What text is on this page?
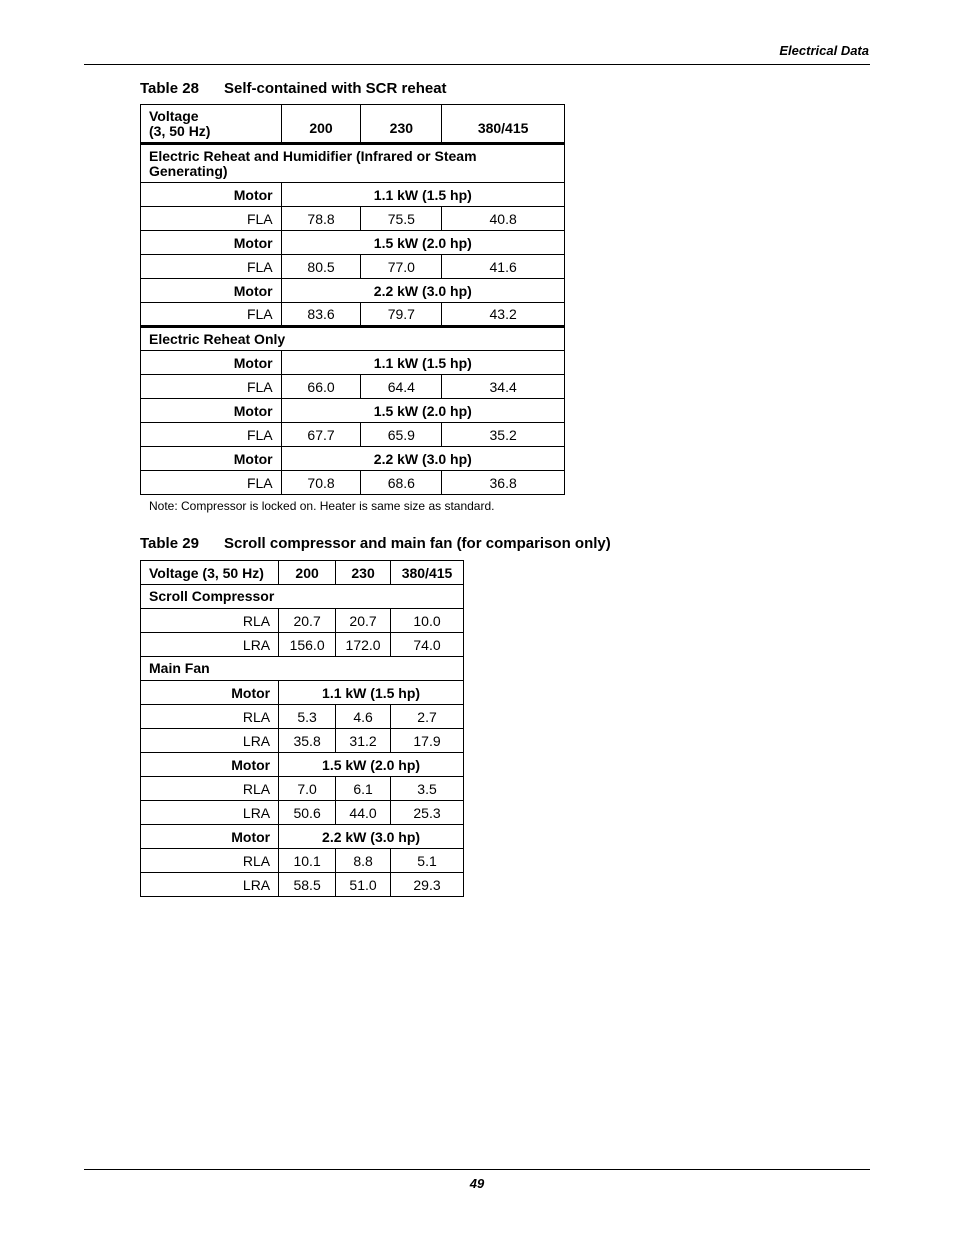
Electrical Data
Table 28 Self-contained with SCR reheat
Voltage
(3, 50 Hz)	200	230	380/415
Electric Reheat and Humidifier (Infrared or Steam Generating)			
Motor	1.1 kW (1.5 hp)		
FLA	78.8	75.5	40.8
Motor	1.5 kW (2.0 hp)		
FLA	80.5	77.0	41.6
Motor	2.2 kW (3.0 hp)		
FLA	83.6	79.7	43.2
Electric Reheat Only			
Motor	1.1 kW (1.5 hp)		
FLA	66.0	64.4	34.4
Motor	1.5 kW (2.0 hp)		
FLA	67.7	65.9	35.2
Motor	2.2 kW (3.0 hp)		
FLA	70.8	68.6	36.8
Note: Compressor is locked on. Heater is same size as standard.
Table 29 Scroll compressor and main fan (for comparison only)
Voltage (3, 50 Hz)	200	230	380/415
Scroll Compressor			
RLA	20.7	20.7	10.0
LRA	156.0	172.0	74.0
Main Fan			
Motor	1.1 kW (1.5 hp)		
RLA	5.3	4.6	2.7
LRA	35.8	31.2	17.9
Motor	1.5 kW (2.0 hp)		
RLA	7.0	6.1	3.5
LRA	50.6	44.0	25.3
Motor	2.2 kW (3.0 hp)		
RLA	10.1	8.8	5.1
LRA	58.5	51.0	29.3
49
